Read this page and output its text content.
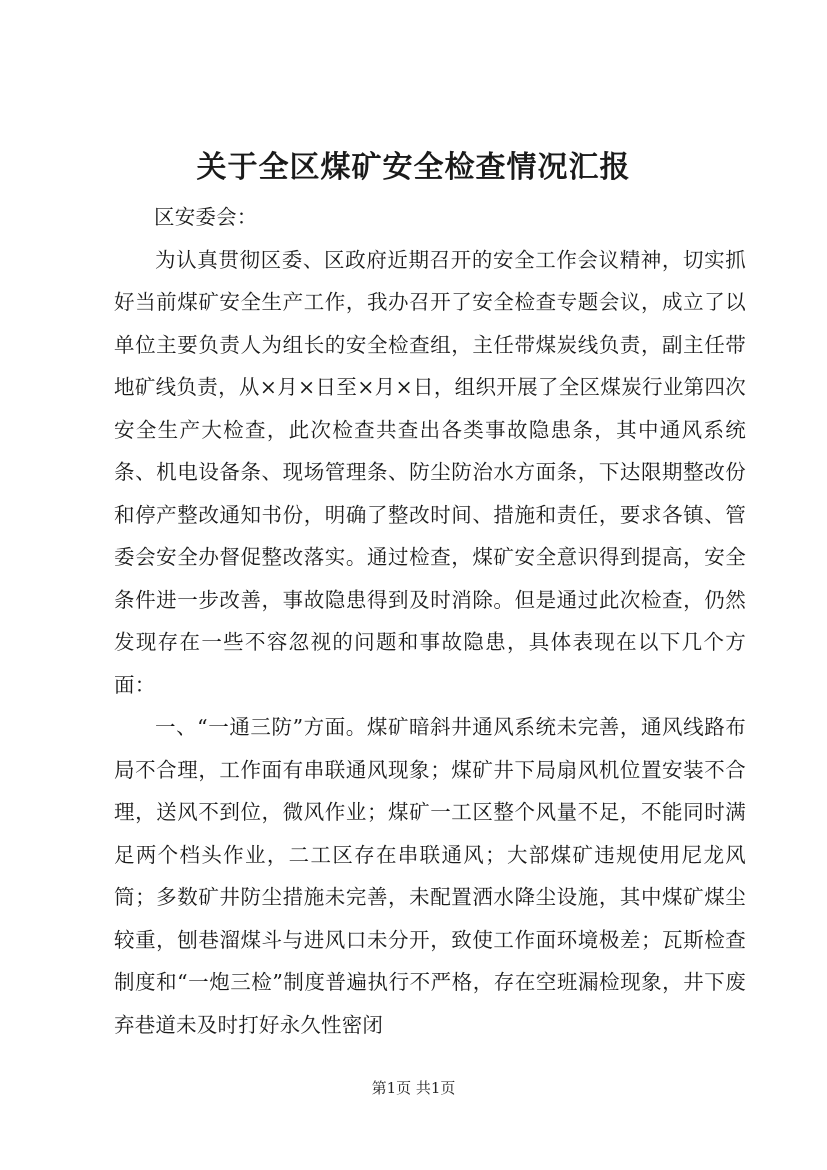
关于全区煤矿安全检查情况汇报

区安委会：

为认真贯彻区委、区政府近期召开的安全工作会议精神，切实抓好当前煤矿安全生产工作，我办召开了安全检查专题会议，成立了以单位主要负责人为组长的安全检查组，主任带煤炭线负责，副主任带地矿线负责，从×月×日至×月×日，组织开展了全区煤炭行业第四次安全生产大检查，此次检查共查出各类事故隐患条，其中通风系统条、机电设备条、现场管理条、防尘防治水方面条，下达限期整改份和停产整改通知书份，明确了整改时间、措施和责任，要求各镇、管委会安全办督促整改落实。通过检查，煤矿安全意识得到提高，安全条件进一步改善，事故隐患得到及时消除。但是通过此次检查，仍然发现存在一些不容忽视的问题和事故隐患，具体表现在以下几个方面：

一、“一通三防”方面。煤矿暗斜井通风系统未完善，通风线路布局不合理，工作面有串联通风现象；煤矿井下局扇风机位置安装不合理，送风不到位，微风作业；煤矿一工区整个风量不足，不能同时满足两个档头作业，二工区存在串联通风；大部煤矿违规使用尼龙风筒；多数矿井防尘措施未完善，未配置洒水降尘设施，其中煤矿煤尘较重，刨巷溜煤斗与进风口未分开，致使工作面环境极差；瓦斯检查制度和“一炮三检”制度普遍执行不严格，存在空班漏检现象，井下废弃巷道未及时打好永久性密闭

第1页 共1页
